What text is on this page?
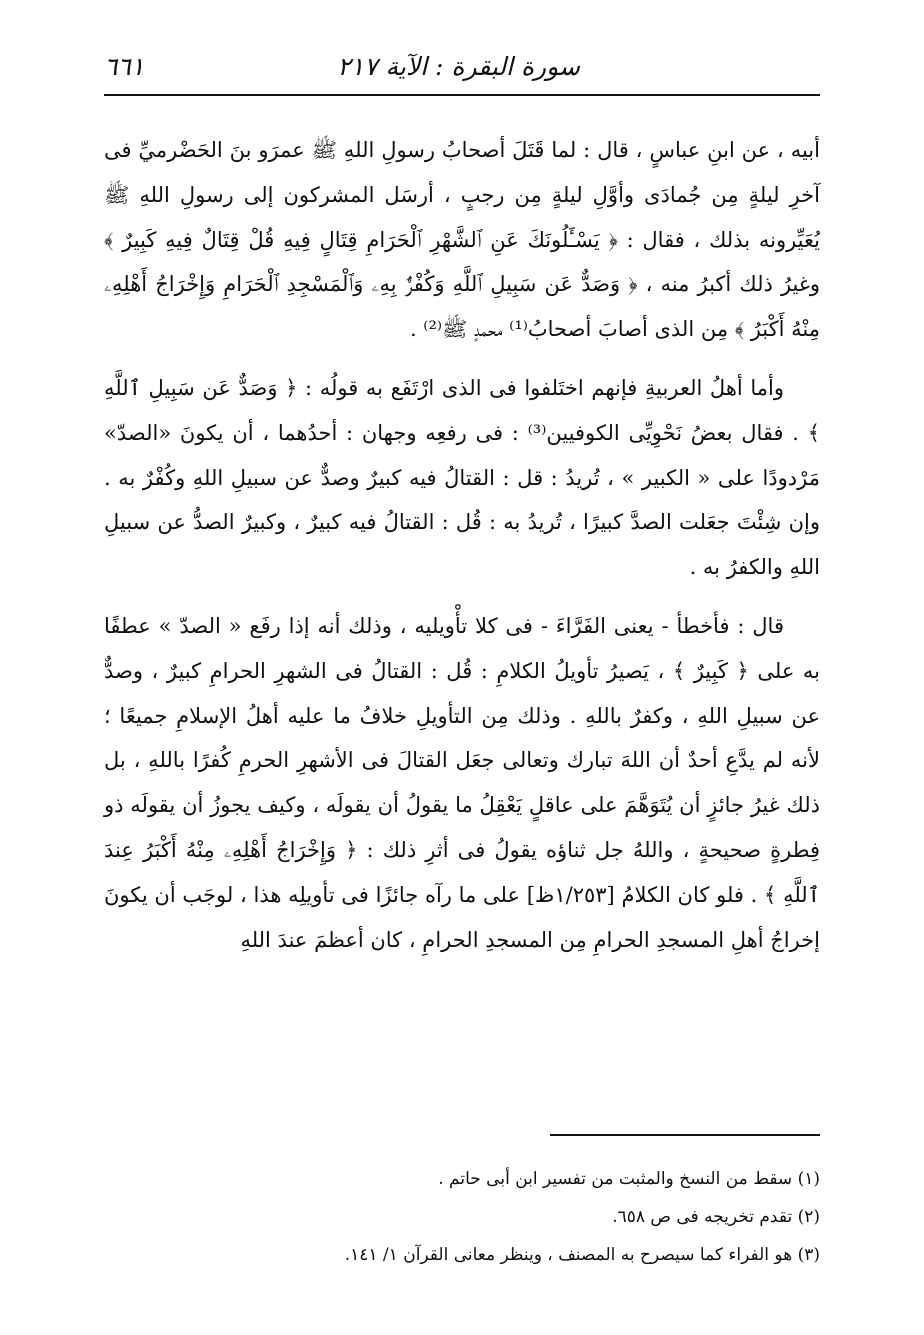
سورة البقرة : الآية ٢١٧
٦٦١

أبيه ، عن ابنِ عباسٍ ، قال : لما قَتَلَ أصحابُ رسولِ اللهِ ﷺ عمرَو بنَ الحَضْرميِّ فى آخرِ ليلةٍ مِن جُمادَى وأوَّلِ ليلةٍ مِن رجبٍ ، أرسَل المشركون إلى رسولِ اللهِ ﷺ يُعَيِّرونه بذلك ، فقال : ﴿ يَسْـَٔلُونَكَ عَنِ ٱلشَّهْرِ ٱلْحَرَامِ قِتَالٍ فِيهِ قُلْ قِتَالٌ فِيهِ كَبِيرٌ ﴾ وغيرُ ذلك أكبرُ منه ، ﴿ وَصَدٌّ عَن سَبِيلِ ٱللَّهِ وَكُفْرٌۢ بِهِۦ وَٱلْمَسْجِدِ ٱلْحَرَامِ وَإِخْرَاجُ أَهْلِهِۦ مِنْهُ أَكْبَرُ ﴾ مِن الذى أصابَ أصحابُ⁽¹⁾ محمدٍ ﷺ⁽²⁾ .

وأما أهلُ العربيةِ فإنهم اختَلفوا فى الذى ارْتَفَع به قولُه : ﴿ وَصَدٌّ عَن سَبِيلِ ٱللَّهِ ﴾ . فقال بعضُ نَحْوِيِّى الكوفيين⁽³⁾ : فى رفعِه وجهان : أحدُهما ، أن يكونَ «الصدّ» مَرْدودًا على « الكبير » ، تُريدُ : قل : القتالُ فيه كبيرٌ وصدٌّ عن سبيلِ اللهِ وكُفْرٌ به . وإن شِئْتَ جعَلت الصدَّ كبيرًا ، تُريدُ به : قُل : القتالُ فيه كبيرٌ ، وكبيرٌ الصدُّ عن سبيلِ اللهِ والكفرُ به .

قال : فأخطأ - يعنى الفَرَّاءَ - فى كلا تأْويليه ، وذلك أنه إذا رفَع « الصدّ » عطفًا به على ﴿ كَبِيرٌ ﴾ ، يَصيرُ تأويلُ الكلامِ : قُل : القتالُ فى الشهرِ الحرامِ كبيرٌ ، وصدٌّ عن سبيلِ اللهِ ، وكفرٌ باللهِ . وذلك مِن التأويلِ خلافُ ما عليه أهلُ الإسلامِ جميعًا ؛ لأنه لم يدَّعِ أحدٌ أن اللهَ تبارك وتعالى جعَل القتالَ فى الأشهرِ الحرمِ كُفرًا باللهِ ، بل ذلك غيرُ جائزٍ أن يُتَوَهَّمَ على عاقلٍ يَعْقِلُ ما يقولُ أن يقولَه ، وكيف يجوزُ أن يقولَه ذو فِطرةٍ صحيحةٍ ، واللهُ جل ثناؤه يقولُ فى أثرِ ذلك : ﴿ وَإِخْرَاجُ أَهْلِهِۦ مِنْهُ أَكْبَرُ عِندَ ٱللَّهِ ﴾ . فلو كان الكلامُ [١/٢٥٣ظ] على ما رآه جائزًا فى تأويلِه هذا ، لوجَب أن يكونَ إخراجُ أهلِ المسجدِ الحرامِ مِن المسجدِ الحرامِ ، كان أعظمَ عندَ اللهِ

(١) سقط من النسخ والمثبت من تفسير ابن أبى حاتم .
(٢) تقدم تخريجه فى ص ٦٥٨.
(٣) هو الفراء كما سيصرح به المصنف ، وينظر معانى القرآن ١/ ١٤١.
